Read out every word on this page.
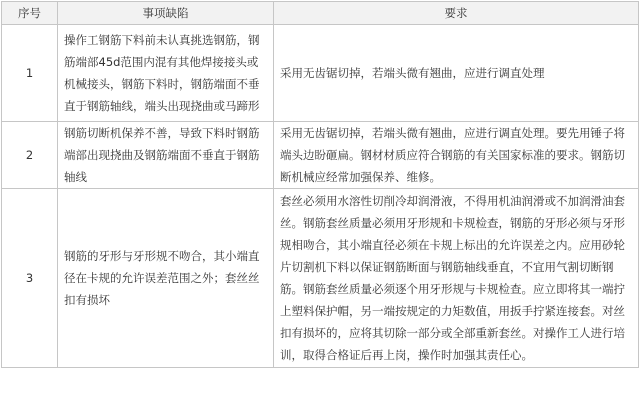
序号	事项缺陷	要求
1	操作工钢筋下料前未认真挑选钢筋，钢筋端部45d范围内混有其他焊接接头或机械接头，钢筋下料时，钢筋端面不垂直于钢筋轴线，端头出现挠曲或马蹄形	采用无齿锯切掉，若端头微有翘曲，应进行调直处理
2	钢筋切断机保养不善，导致下料时钢筋端部出现挠曲及钢筋端面不垂直于钢筋轴线	采用无齿锯切掉，若端头微有翘曲，应进行调直处理。要先用锤子将端头边盼砸扁。钢材材质应符合钢筋的有关国家标准的要求。钢筋切断机械应经常加强保养、维修。
3	钢筋的牙形与牙形规不吻合，其小端直径在卡规的允许误差范围之外；套丝丝扣有损坏	套丝必须用水溶性切削冷却润滑液，不得用机油润滑或不加润滑油套丝。钢筋套丝质量必须用牙形规和卡规检查，钢筋的牙形必须与牙形规相吻合，其小端直径必须在卡规上标出的允许误差之内。应用砂轮片切割机下料以保证钢筋断面与钢筋轴线垂直，不宜用气割切断钢筋。钢筋套丝质量必须逐个用牙形规与卡规检查。应立即将其一端拧上塑料保护帽，另一端按规定的力矩数值，用扳手拧紧连接套。对丝扣有损坏的，应将其切除一部分或全部重新套丝。对操作工人进行培训，取得合格证后再上岗，操作时加强其责任心。
